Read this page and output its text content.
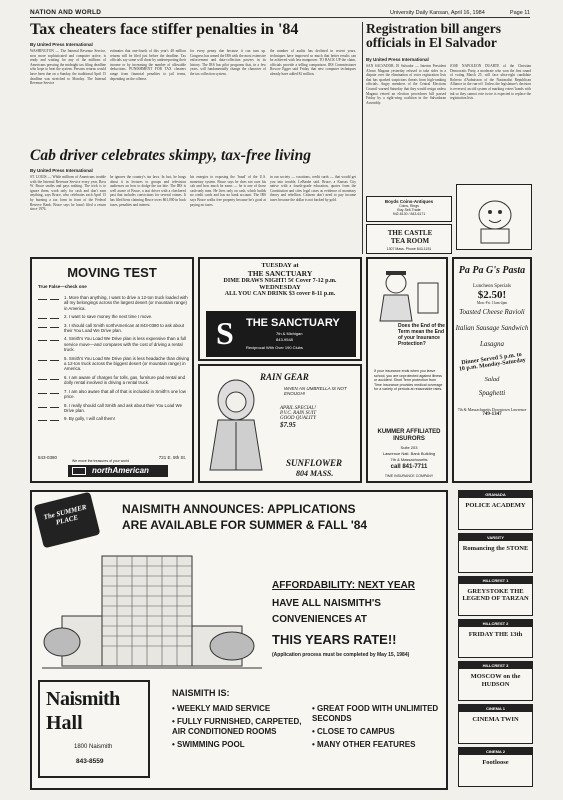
NATION AND WORLD	University Daily Kansan, April 16, 1984	Page 11
Tax cheaters face stiffer penalties in '84
By United Press International
WASHINGTON — The Internal Revenue Service, now more sophisticated and computer active, is ready and waiting for any of the millions of Americans pressing the midnight tax filing deadline who hope to beat the system. Persons returns would have been due on a Sunday, the traditional April 15 deadline was stretched to Monday. The Internal Revenue Service
estimates that one-fourth of this year's 48 million returns will be filed just before the deadline. Tax officials say some will cheat by underreporting their income or by increasing the number of allowable deductions. PUNISHMENT FOR TAX cheaters range from financial penalties to jail terms, depending on the offense.
for every penny due because it can turn up. Congress has armed the IRS with the most extensive enforcement and data-collection powers in its history. The IRS has pilot programs that, in a few years, will fundamentally change the character of the tax collection system.
the number of audits has declined in recent years, techniques have improved so much that better results can be achieved with less manpower. TO BACK UP the claim, officials provide a telling comparison. IRS Commissioner Roscoe Egger said Friday that new computer techniques already have added $1 million.
Registration bill angers officials in El Salvador
By United Press International
SAN SALVADOR, El Salvador — Interim President Alvaro Magana yesterday refused to take sides in a dispute over the elimination of voter registration lists that has sparked suspicions threats from high-ranking officials. Angry members of the Central Elections Council warned Saturday that they would resign unless Magana vetoed an election procedures bill passed Friday by a right-wing coalition in the Salvadoran Assembly.
JOSE NAPOLEON DUARTE of the Christian Democratic Party, a moderate who won the first round of voting March 25, will face ultra-right candidate Roberto d'Aubuisson of the Nationalist Republican Alliance in the run-off. Unless the legislature's decision is reversed, an old system of marking voters' hands with ink so they cannot vote twice is expected to replace the registration lists.
Boyds Coins-Antiques
Coins, Rings
Buy-Sell-Trade
942-6130 / 843-6171
THE CASTLE TEA ROOM
1307 Mass. Phone 843-1151
Cab driver celebrates skimpy, tax-free living
By United Press International
ST. LOUIS — While millions of Americans trouble with the Internal Revenue Service every year, Ross W. Bruce smiles and pays nothing. The trick is to ignore them, work only for cash and don't earn anything, says Bruce, who celebrates each April 15 by burning a tax form in front of the Federal Reserve Bank. Bruce says he hasn't filed a return since 1976.
he ignores the country's tax laws. In fact, he brags about it in lectures to groups and television audiences on how to dodge the tax bite. The IRS is well aware of Bruce, a taxi driver with a checkered past that includes convictions for several crimes. It has filed liens claiming Bruce owes $61,000 in back taxes, penalties and interest.
his energies to exposing the 'fraud' of the U.S. monetary system. Bruce says he does not own his cab and how much he earns — he is one of those cash-only men. He lives only on cash, which builds no credit cards and has no bank account. The IRS says Bruce walks free property because he's good at paying no taxes.
in our society — vacations, credit cards — that would get you into trouble, LeBaube said. Bruce, a Kansas City native with a fourth-grade education, quotes from the Constitution and cites legal cases as evidence of monetary theory and rebellion. Citizens don't need to pay income taxes because the dollar is not backed by gold.
MOVING TEST
True False—check one
1. More than anything, I want to drive a 12-ton truck loaded with all my belongings across the largest desert (or mountain range) in America.
2. I want to save money the next time I move.
3. I should call Smith northAmerican at 843-0380 to ask about their You Load We Drive plan.
4. Smith's You Load We Drive plan is less expensive than a full service move—and compares with the cost of driving a rental truck.
5. Smith's You Load We Drive plan is less headache than driving a 12-ton truck across the biggest desert (or mountain range) in America.
6. I am aware of charges for tolls, gas, furniture pad rental and dolly rental involved in driving a rental truck.
7. I am also aware that all of that is included in Smith's one low price.
8. I really should call Smith and ask about their You Load We Drive plan.
9. By golly, I will call them!
843-0380
We move the treasures of your world
721 E. 9th St.
northAmerican
TUESDAY at
THE SANCTUARY
DIME DRAWS NIGHT! 5¢ Cover 7-12 p.m.
WEDNESDAY
ALL YOU CAN DRINK $3 cover 8-11 p.m.
S THE SANCTUARY
7th & Michigan
843-9548
Reciprocal With Over 190 Clubs
RAIN GEAR
WHEN AN UMBRELLA IS NOT ENOUGH!
APRIL SPECIAL!
P.V.C. RAIN SUIT
GOOD QUALITY
$7.95
SUNFLOWER
804 MASS.
Does the End of the Term mean the End of your Insurance Protection?
If your insurance ends when you leave school, you are unprotected against illness or accident. Short Term protection from Time Insurance provides medical coverage for a variety of periods at reasonable rates.
KUMMER AFFILIATED INSURORS
Suite 203
Lawrence Natl. Bank Building
7th & Massachusetts
call 841-7711
TIME INSURANCE COMPANY
Pa Pa G's Pasta
Luncheon Specials
$2.50!
Mon.-Fri. 11am-2pm
Toasted Cheese Ravioli
Italian Sausage Sandwich
Lasagna
Dinner Served 5 p.m. to 10 p.m. Monday-Saturday
Salad
Spaghetti
7th & Massachusetts Downtown Lawrence
749-1347
The SUMMER PLACE
NAISMITH ANNOUNCES: APPLICATIONS
ARE AVAILABLE FOR SUMMER & FALL '84
AFFORDABILITY: NEXT YEAR
HAVE ALL NAISMITH'S
CONVENIENCES AT
THIS YEARS RATE!!
(Application process must be completed by May 15, 1984)
Naismith
Hall
1800 Naismith
843-8559
NAISMITH IS:
• WEEKLY MAID SERVICE
• FULLY FURNISHED, CARPETED, AIR CONDITIONED ROOMS
• SWIMMING POOL
• GREAT FOOD WITH UNLIMITED SECONDS
• CLOSE TO CAMPUS
• MANY OTHER FEATURES
GRANADA
POLICE ACADEMY
VARSITY
Romancing the STONE
HILLCREST 1
GREYSTOKE THE LEGEND OF TARZAN
HILLCREST 2
FRIDAY THE 13th
HILLCREST 3
MOSCOW on the HUDSON
CINEMA 1
CINEMA TWIN
CINEMA 2
Footloose
